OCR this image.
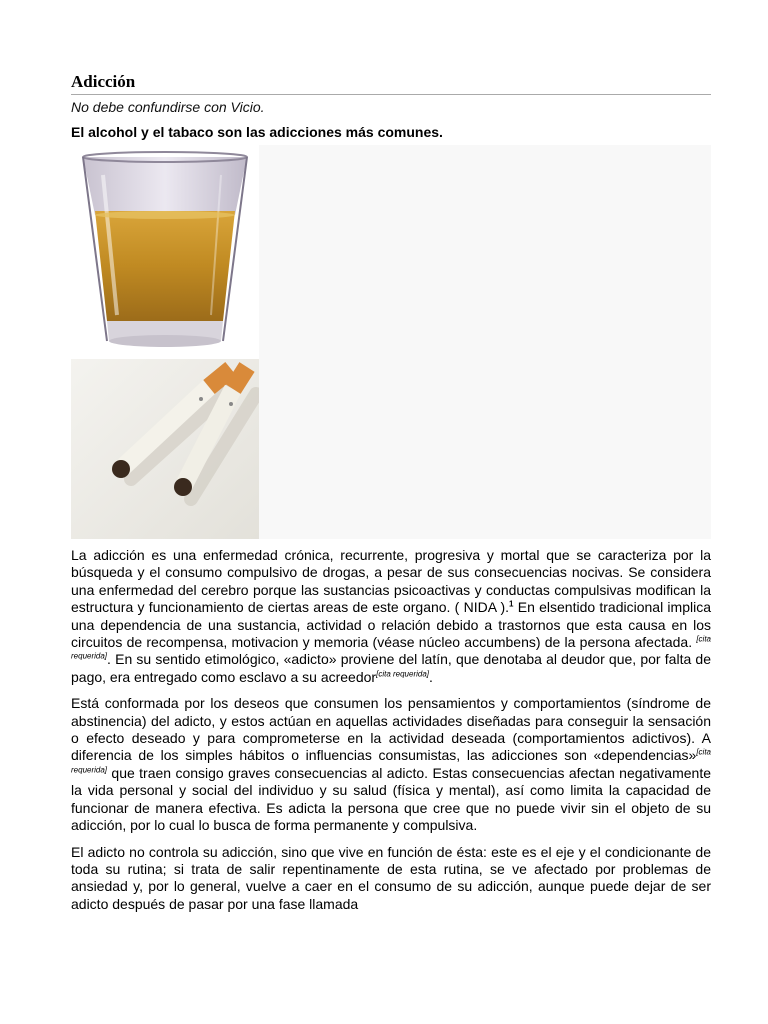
Adicción
No debe confundirse con Vicio.
El alcohol y el tabaco son las adicciones más comunes.

La adicción es una enfermedad crónica, recurrente, progresiva y mortal que se caracteriza por la búsqueda y el consumo compulsivo de drogas, a pesar de sus consecuencias nocivas. Se considera una enfermedad del cerebro porque las sustancias psicoactivas y conductas compulsivas modifican la estructura y funcionamiento de ciertas areas de este organo. ( NIDA ).$^1$ En elsentido tradicional implica una dependencia de una sustancia, actividad o relación debido a trastornos que esta causa en los circuitos de recompensa, motivacion y memoria (véase núcleo accumbens) de la persona afectada. [cita requerida]. En su sentido etimológico, «adicto» proviene del latín, que denotaba al deudor que, por falta de pago, era entregado como esclavo a su acreedor[cita requerida].

Está conformada por los deseos que consumen los pensamientos y comportamientos (síndrome de abstinencia) del adicto, y estos actúan en aquellas actividades diseñadas para conseguir la sensación o efecto deseado y para comprometerse en la actividad deseada (comportamientos adictivos). A diferencia de los simples hábitos o influencias consumistas, las adicciones son «dependencias»[cita requerida] que traen consigo graves consecuencias al adicto. Estas consecuencias afectan negativamente la vida personal y social del individuo y su salud (física y mental), así como limita la capacidad de funcionar de manera efectiva. Es adicta la persona que cree que no puede vivir sin el objeto de su adicción, por lo cual lo busca de forma permanente y compulsiva.

El adicto no controla su adicción, sino que vive en función de ésta: este es el eje y el condicionante de toda su rutina; si trata de salir repentinamente de esta rutina, se ve afectado por problemas de ansiedad y, por lo general, vuelve a caer en el consumo de su adicción, aunque puede dejar de ser adicto después de pasar por una fase llamada
